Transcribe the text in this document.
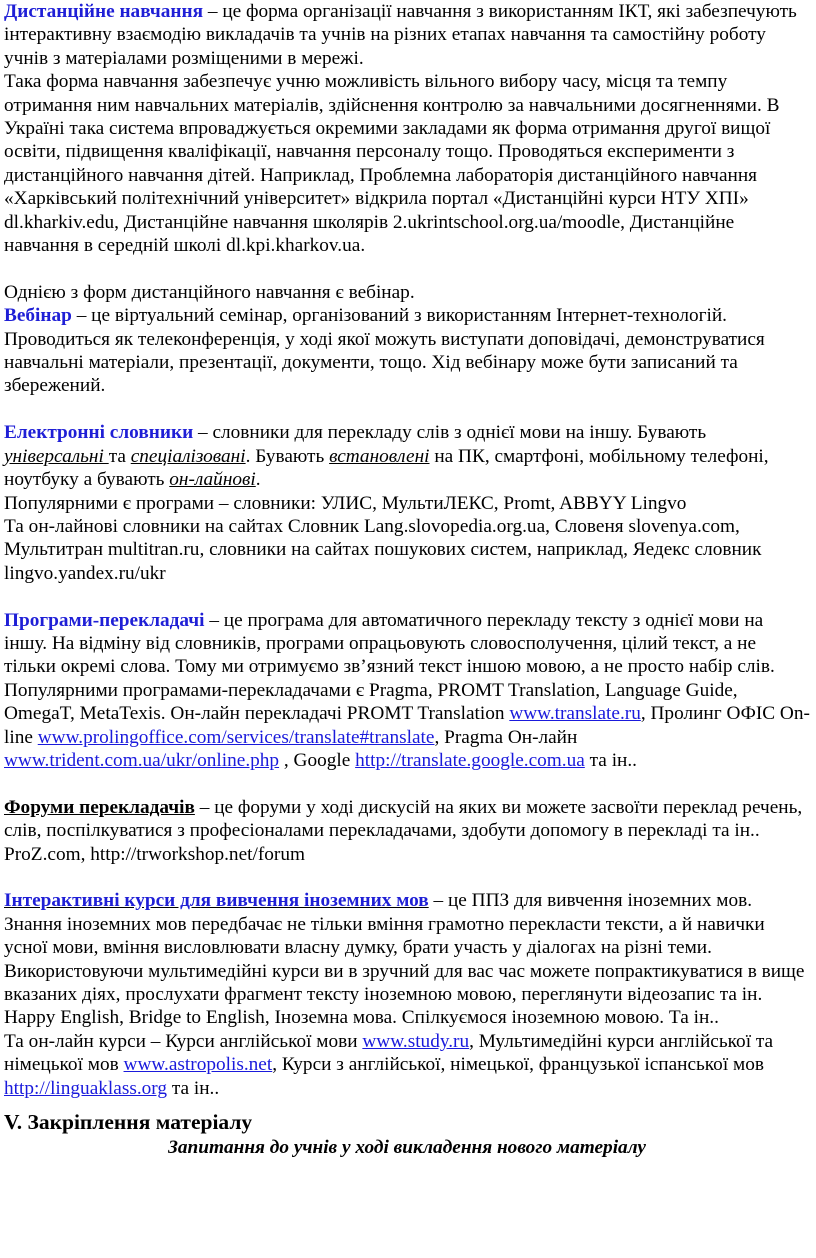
Дистанційне навчання – це форма організації навчання з використанням ІКТ, які забезпечують інтерактивну взаємодію викладачів та учнів на різних етапах навчання та самостійну роботу учнів з матеріалами розміщеними в мережі.

Така форма навчання забезпечує учню можливість вільного вибору часу, місця та темпу отримання ним навчальних матеріалів, здійснення контролю за навчальними досягненнями. В Україні така система впроваджується окремими закладами як форма отримання другої вищої освіти, підвищення кваліфікації, навчання персоналу тощо. Проводяться експерименти з дистанційного навчання дітей. Наприклад, Проблемна лабораторія дистанційного навчання «Харківський політехнічний університет» відкрила портал «Дистанційні курси НТУ ХПІ» dl.kharkiv.edu, Дистанційне навчання школярів 2.ukrintschool.org.ua/moodle, Дистанційне навчання в середній школі dl.kpi.kharkov.ua.

Однією з форм дистанційного навчання є вебінар.

Вебінар – це віртуальний семінар, організований з використанням Інтернет-технологій. Проводиться як телеконференція, у ході якої можуть виступати доповідачі, демонструватися навчальні матеріали, презентації, документи, тощо. Хід вебінару може бути записаний та збережений.

Електронні словники – словники для перекладу слів з однієї мови на іншу. Бувають універсальні та спеціалізовані. Бувають встановлені на ПК, смартфоні, мобільному телефоні, ноутбуку а бувають он-лайнові.

Популярними є програми – словники: УЛИС, МультиЛЕКС, Promt, ABBYY Lingvo

Та он-лайнові словники на сайтах Словник Lang.slovopedia.org.ua, Словеня slovenya.com, Мультитран multitran.ru, словники на сайтах пошукових систем, наприклад, Яедекс словник lingvo.yandex.ru/ukr

Програми-перекладачі – це програма для автоматичного перекладу тексту з однієї мови на іншу. На відміну від словників, програми опрацьовують словосполучення, цілий текст, а не тільки окремі слова. Тому ми отримуємо зв’язний текст іншою мовою, а не просто набір слів. Популярними програмами-перекладачами є Pragma, PROMT Translation, Language Guide, OmegaT, MetaTexis. Он-лайн перекладачі PROMT Translation www.translate.ru, Пролинг ОФІС On-line www.prolingoffice.com/services/translate#translate, Pragma Он-лайн www.trident.com.ua/ukr/online.php , Google http://translate.google.com.ua та ін..

Форуми перекладачів – це форуми у ході дискусій на яких ви можете засвоїти переклад речень, слів, поспілкуватися з професіоналами перекладачами, здобути допомогу в перекладі та ін.. ProZ.com, http://trworkshop.net/forum

Інтерактивні курси для вивчення іноземних мов – це ППЗ для вивчення іноземних мов. Знання іноземних мов передбачає не тільки вміння грамотно перекласти тексти, а й навички усної мови, вміння висловлювати власну думку, брати участь у діалогах на різні теми. Використовуючи мультимедійні курси ви в зручний для вас час можете попрактикуватися в вище вказаних діях, прослухати фрагмент тексту іноземною мовою, переглянути відеозапис та ін.

Happy English, Bridge to English, Іноземна мова. Спілкуємося іноземною мовою. Та ін..

Та он-лайн курси – Курси англійської мови www.study.ru, Мультимедійні курси англійської та німецької мов www.astropolis.net, Курси з англійської, німецької, французької іспанської мов http://linguaklass.org та ін..

V. Закріплення матеріалу

Запитання до учнів у ході викладення нового матеріалу
